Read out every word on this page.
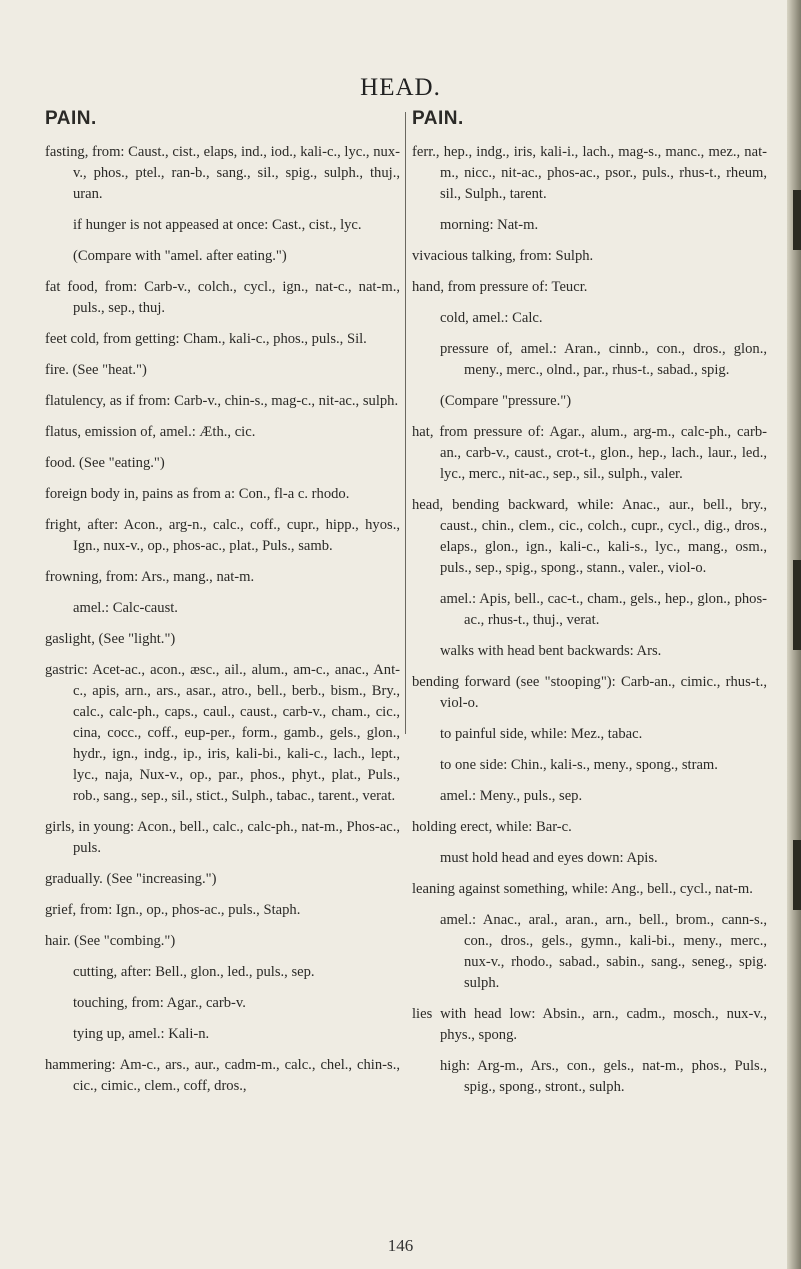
HEAD.
PAIN.
fasting, from: Caust., cist., elaps, ind., iod., kali-c., lyc., nux-v., phos., ptel., ran-b., sang., sil., spig., sulph., thuj., uran.
if hunger is not appeased at once: Cast., cist., lyc.
(Compare with "amel. after eating.")
fat food, from: Carb-v., colch., cycl., ign., nat-c., nat-m., puls., sep., thuj.
feet cold, from getting: Cham., kali-c., phos., puls., Sil.
fire. (See "heat.")
flatulency, as if from: Carb-v., chin-s., mag-c., nit-ac., sulph.
flatus, emission of, amel.: Æth., cic.
food. (See "eating.")
foreign body in, pains as from a: Con., fl-a c. rhodo.
fright, after: Acon., arg-n., calc., coff., cupr., hipp., hyos., Ign., nux-v., op., phos-ac., plat., Puls., samb.
frowning, from: Ars., mang., nat-m.
amel.: Calc-caust.
gaslight, (See "light.")
gastric: Acet-ac., acon., æsc., ail., alum., am-c., anac., Ant-c., apis, arn., ars., asar., atro., bell., berb., bism., Bry., calc., calc-ph., caps., caul., caust., carb-v., cham., cic., cina, cocc., coff., eup-per., form., gamb., gels., glon., hydr., ign., indg., ip., iris, kali-bi., kali-c., lach., lept., lyc., naja, Nux-v., op., par., phos., phyt., plat., Puls., rob., sang., sep., sil., stict., Sulph., tabac., tarent., verat.
girls, in young: Acon., bell., calc., calc-ph., nat-m., Phos-ac., puls.
gradually. (See "increasing.")
grief, from: Ign., op., phos-ac., puls., Staph.
hair. (See "combing.")
cutting, after: Bell., glon., led., puls., sep.
touching, from: Agar., carb-v.
tying up, amel.: Kali-n.
hammering: Am-c., ars., aur., cadm-m., calc., chel., chin-s., cic., cimic., clem., coff, dros.,
PAIN.
ferr., hep., indg., iris, kali-i., lach., mag-s., manc., mez., nat-m., nicc., nit-ac., phos-ac., psor., puls., rhus-t., rheum, sil., Sulph., tarent.
morning: Nat-m.
vivacious talking, from: Sulph.
hand, from pressure of: Teucr.
cold, amel.: Calc.
pressure of, amel.: Aran., cinnb., con., dros., glon., meny., merc., olnd., par., rhus-t., sabad., spig.
(Compare "pressure.")
hat, from pressure of: Agar., alum., arg-m., calc-ph., carb-an., carb-v., caust., crot-t., glon., hep., lach., laur., led., lyc., merc., nit-ac., sep., sil., sulph., valer.
head, bending backward, while: Anac., aur., bell., bry., caust., chin., clem., cic., colch., cupr., cycl., dig., dros., elaps., glon., ign., kali-c., kali-s., lyc., mang., osm., puls., sep., spig., spong., stann., valer., viol-o.
amel.: Apis, bell., cac-t., cham., gels., hep., glon., phos-ac., rhus-t., thuj., verat.
walks with head bent backwards: Ars.
bending forward (see "stooping"): Carb-an., cimic., rhus-t., viol-o.
to painful side, while: Mez., tabac.
to one side: Chin., kali-s., meny., spong., stram.
amel.: Meny., puls., sep.
holding erect, while: Bar-c.
must hold head and eyes down: Apis.
leaning against something, while: Ang., bell., cycl., nat-m.
amel.: Anac., aral., aran., arn., bell., brom., cann-s., con., dros., gels., gymn., kali-bi., meny., merc., nux-v., rhodo., sabad., sabin., sang., seneg., spig. sulph.
lies with head low: Absin., arn., cadm., mosch., nux-v., phys., spong.
high: Arg-m., Ars., con., gels., nat-m., phos., Puls., spig., spong., stront., sulph.
146
